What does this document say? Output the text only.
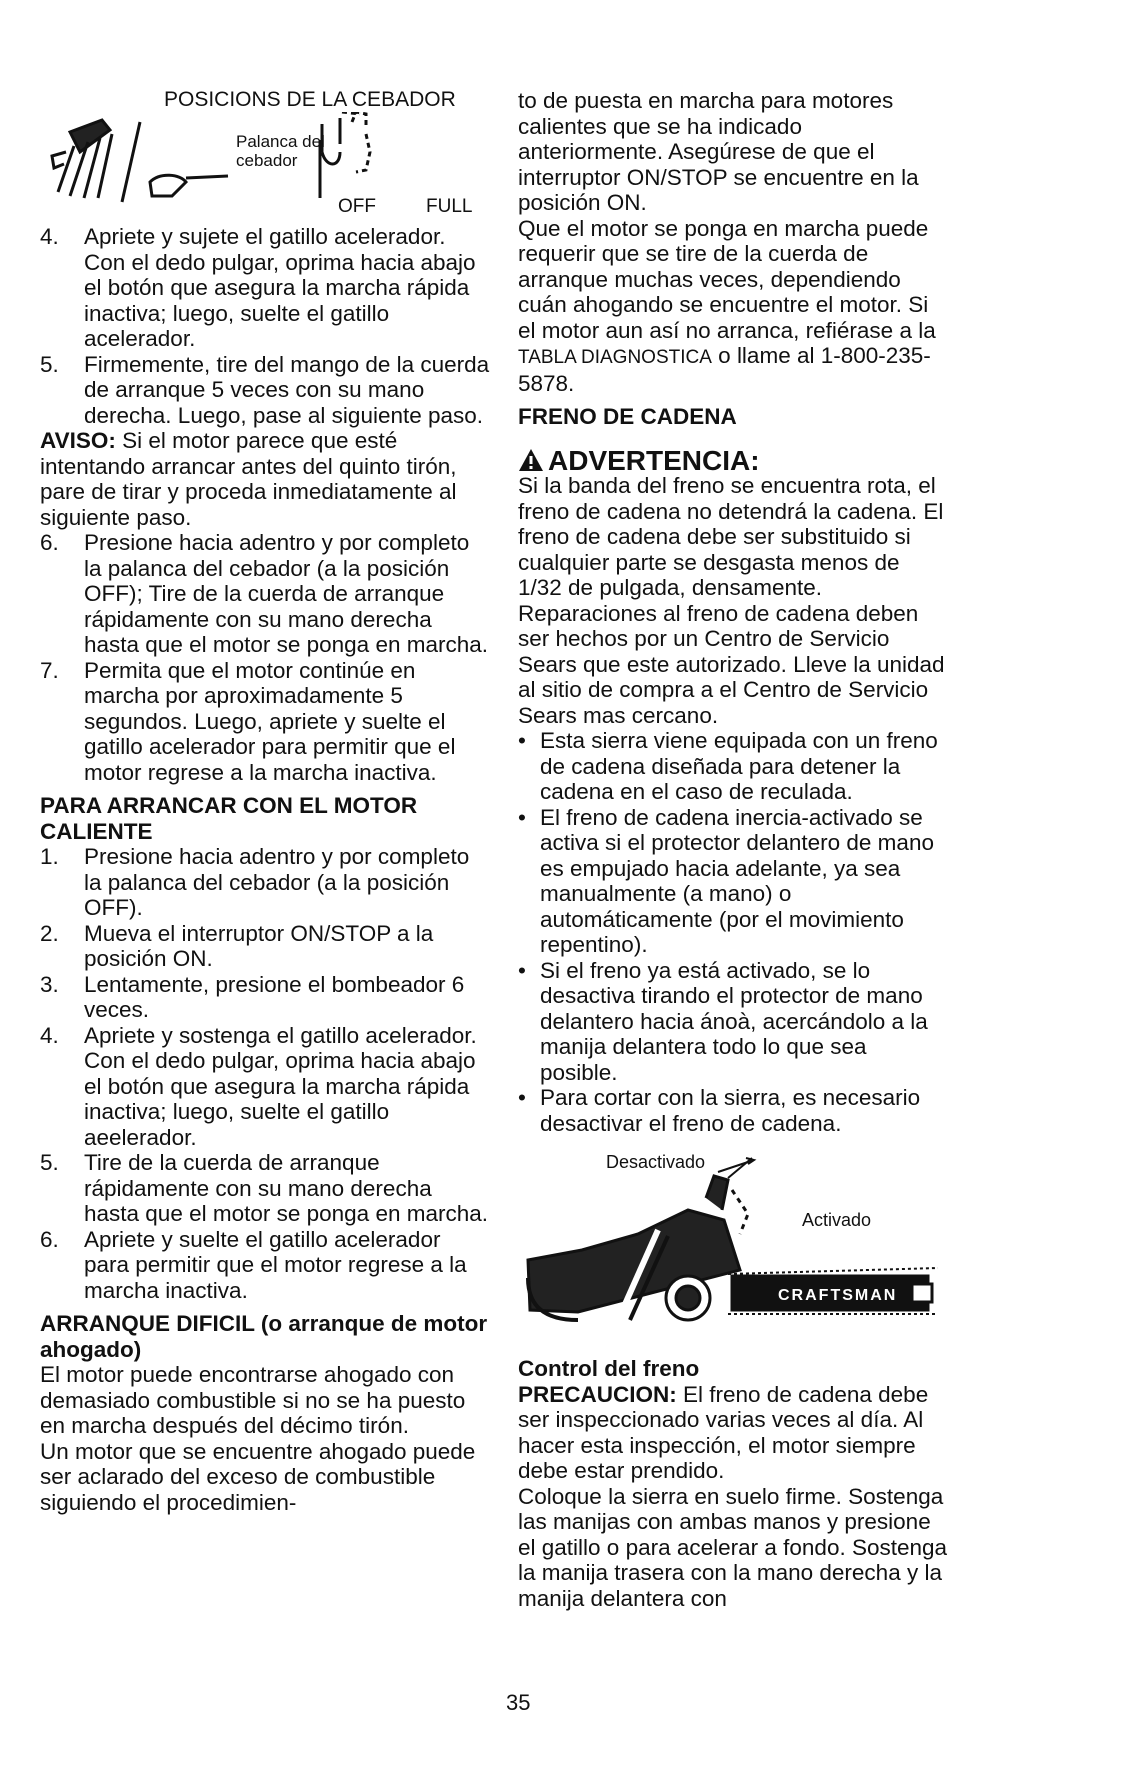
POSICIONS DE LA CEBADOR
Palanca del
cebador
OFF	FULL
4.	Apriete y sujete el gatillo acelerador. Con el dedo pulgar, oprima hacia abajo el botón que asegura la marcha rápida inactiva; luego, suelte el gatillo acelerador.
5.	Firmemente, tire del mango de la cuerda de arranque 5 veces con su mano derecha. Luego, pase al siguiente paso.

AVISO: Si el motor parece que esté intentando arrancar antes del quinto tirón, pare de tirar y proceda inmediatamente al siguiente paso.

6.	Presione hacia adentro y por completo la palanca del cebador (a la posición OFF); Tire de la cuerda de arranque rápidamente con su mano derecha hasta que el motor se ponga en marcha.
7.	Permita que el motor continúe en marcha por aproximadamente 5 segundos. Luego, apriete y suelte el gatillo acelerador para permitir que el motor regrese a la marcha inactiva.

PARA ARRANCAR CON EL MOTOR CALIENTE

1.	Presione hacia adentro y por completo la palanca del cebador (a la posición OFF).
2.	Mueva el interruptor ON/STOP a la posición ON.
3.	Lentamente, presione el bombeador 6 veces.
4.	Apriete y sostenga el gatillo acelerador. Con el dedo pulgar, oprima hacia abajo el botón que asegura la marcha rápida inactiva; luego, suelte el gatillo aeelerador.
5.	Tire de la cuerda de arranque rápidamente con su mano derecha hasta que el motor se ponga en marcha.
6.	Apriete y suelte el gatillo acelerador para permitir que el motor regrese a la marcha inactiva.

ARRANQUE DIFICIL (o arranque de motor ahogado)

El motor puede encontrarse ahogado con demasiado combustible si no se ha puesto en marcha después del décimo tirón.

Un motor que se encuentre ahogado puede ser aclarado del exceso de combustible siguiendo el procedimien-

to de puesta en marcha para motores calientes que se ha indicado anteriormente. Asegúrese de que el interruptor ON/STOP se encuentre en la posición ON.

Que el motor se ponga en marcha puede requerir que se tire de la cuerda de arranque muchas veces, dependiendo cuán ahogando se encuentre el motor. Si el motor aun así no arranca, refiérase a la TABLA DIAGNOSTICA o llame al 1-800-235-5878.

FRENO DE CADENA

ADVERTENCIA:

Si la banda del freno se encuentra rota, el freno de cadena no detendrá la cadena. El freno de cadena debe ser substituido si cualquier parte se desgasta menos de 1/32 de pulgada, densamente. Reparaciones al freno de cadena deben ser hechos por un Centro de Servicio Sears que este autorizado. Lleve la unidad al sitio de compra a el Centro de Servicio Sears mas cercano.

• Esta sierra viene equipada con un freno de cadena diseñada para detener la cadena en el caso de reculada.
• El freno de cadena inercia-activado se activa si el protector delantero de mano es empujado hacia adelante, ya sea manualmente (a mano) o automáticamente (por el movimiento repentino).
• Si el freno ya está activado, se lo desactiva tirando el protector de mano delantero hacia ánoà, acercándolo a la manija delantera todo lo que sea posible.
• Para cortar con la sierra, es necesario desactivar el freno de cadena.
Desactivado
Activado
CRAFTSMAN

Control del freno

PRECAUCION: El freno de cadena debe ser inspeccionado varias veces al día. Al hacer esta inspección, el motor siempre debe estar prendido.

Coloque la sierra en suelo firme. Sostenga las manijas con ambas manos y presione el gatillo o para acelerar a fondo. Sostenga la manija trasera con la mano derecha y la manija delantera con

35
